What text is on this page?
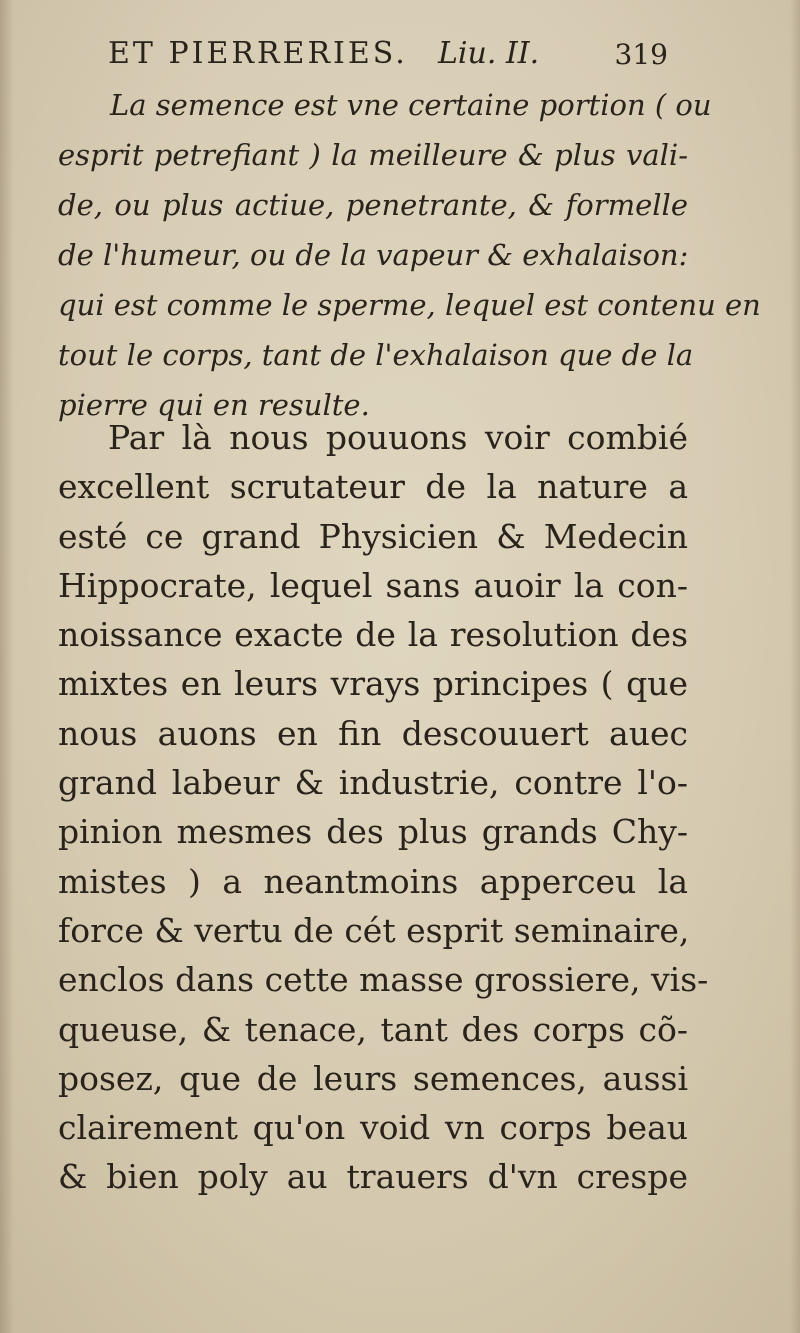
ET PIERRERIES. Liu. II.	319
La semence est vne certaine portion ( ou
esprit petrefiant ) la meilleure & plus vali-
de, ou plus actiue, penetrante, & formelle
de l'humeur, ou de la vapeur & exhalaison:
qui est comme le sperme, lequel est contenu en
tout le corps, tant de l'exhalaison que de la
pierre qui en resulte.
Par là nous pouuons voir combié
excellent scrutateur de la nature a
esté ce grand Physicien & Medecin
Hippocrate, lequel sans auoir la con-
noissance exacte de la resolution des
mixtes en leurs vrays principes ( que
nous auons en fin descouuert auec
grand labeur & industrie, contre l'o-
pinion mesmes des plus grands Chy-
mistes ) a neantmoins apperceu la
force & vertu de cét esprit seminaire,
enclos dans cette masse grossiere, vis-
queuse, & tenace, tant des corps cõ-
posez, que de leurs semences, aussi
clairement qu'on void vn corps beau
& bien poly au trauers d'vn crespe
